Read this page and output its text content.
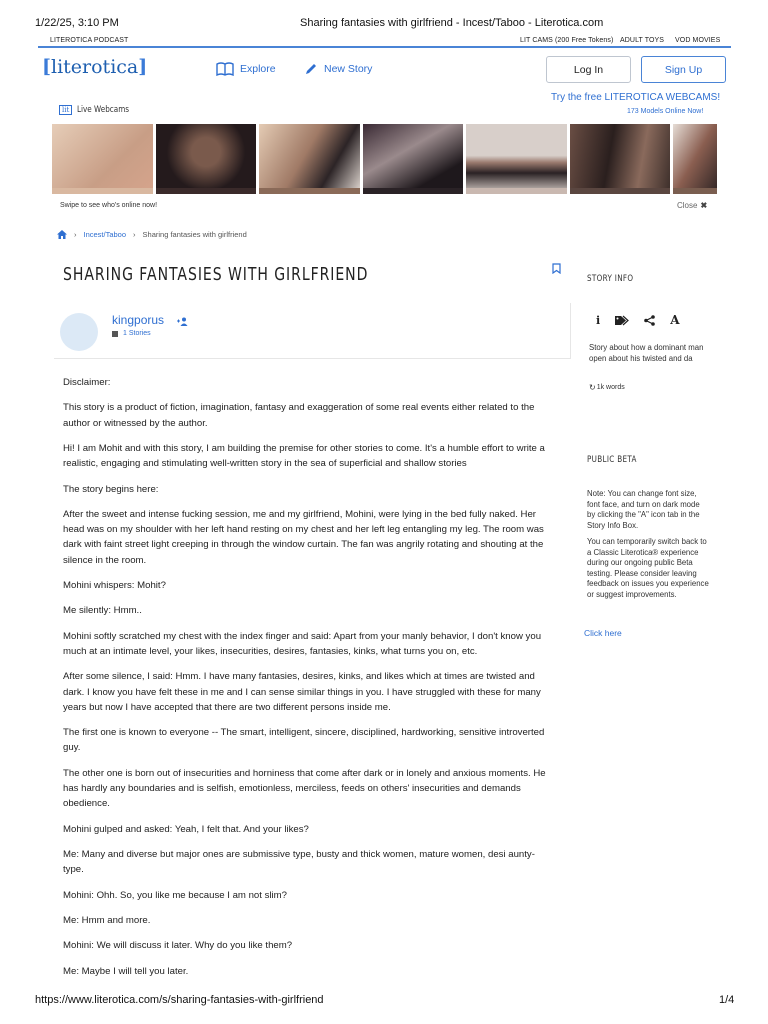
1/22/25, 3:10 PM	Sharing fantasies with girlfriend - Incest/Taboo - Literotica.com
LITEROTICA PODCAST	LIT CAMS (200 Free Tokens) ADULT TOYS VOD MOVIES
[literotica]	Explore	New Story	Log In	Sign Up
lit Live Webcams
Try the free LITEROTICA WEBCAMS!
173 Models Online Now!
Swipe to see who's online now!	Close ✖
› Incest/Taboo › Sharing fantasies with girlfriend
SHARING FANTASIES WITH GIRLFRIEND
kingporus
1 Stories

Disclaimer:

This story is a product of fiction, imagination, fantasy and exaggeration of some real events either related to the author or witnessed by the author.

Hi! I am Mohit and with this story, I am building the premise for other stories to come. It's a humble effort to write a realistic, engaging and stimulating well-written story in the sea of superficial and shallow stories

The story begins here:

After the sweet and intense fucking session, me and my girlfriend, Mohini, were lying in the bed fully naked. Her head was on my shoulder with her left hand resting on my chest and her left leg entangling my leg. The room was dark with faint street light creeping in through the window curtain. The fan was angrily rotating and shouting at the silence in the room.

Mohini whispers: Mohit?

Me silently: Hmm..

Mohini softly scratched my chest with the index finger and said: Apart from your manly behavior, I don't know you much at an intimate level, your likes, insecurities, desires, fantasies, kinks, what turns you on, etc.

After some silence, I said: Hmm. I have many fantasies, desires, kinks, and likes which at times are twisted and dark. I know you have felt these in me and I can sense similar things in you. I have struggled with these for many years but now I have accepted that there are two different persons inside me.

The first one is known to everyone -- The smart, intelligent, sincere, disciplined, hardworking, sensitive introverted guy.

The other one is born out of insecurities and horniness that come after dark or in lonely and anxious moments. He has hardly any boundaries and is selfish, emotionless, merciless, feeds on others' insecurities and demands obedience.

Mohini gulped and asked: Yeah, I felt that. And your likes?

Me: Many and diverse but major ones are submissive type, busty and thick women, mature women, desi aunty-type.

Mohini: Ohh. So, you like me because I am not slim?

Me: Hmm and more.

Mohini: We will discuss it later. Why do you like them?

Me: Maybe I will tell you later.

STORY INFO
i	A
Story about how a dominant man open about his twisted and da
↻ 1k words
PUBLIC BETA
Note: You can change font size, font face, and turn on dark mode by clicking the "A" icon tab in the Story Info Box.
You can temporarily switch back to a Classic Literotica® experience during our ongoing public Beta testing. Please consider leaving feedback on issues you experience or suggest improvements.
Click here
https://www.literotica.com/s/sharing-fantasies-with-girlfriend	1/4
